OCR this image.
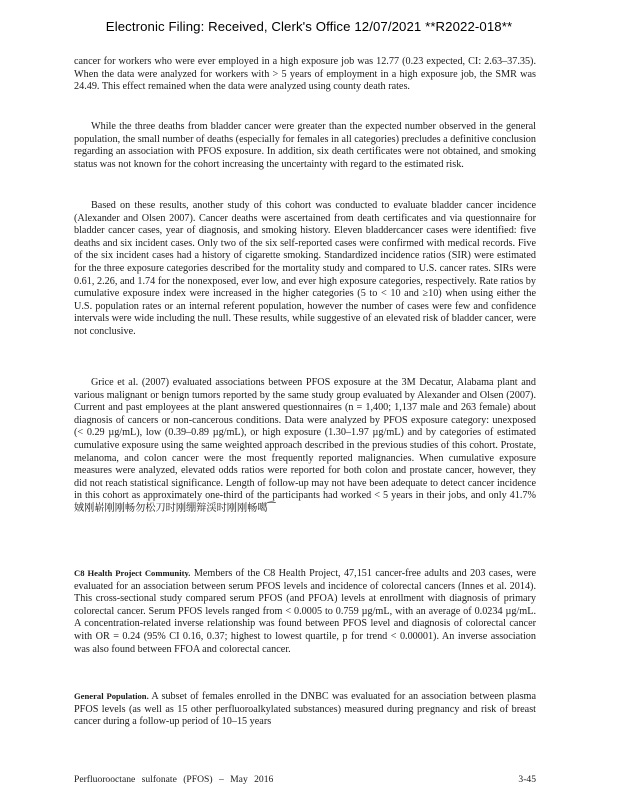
Electronic Filing: Received, Clerk's Office 12/07/2021 **R2022-018**

cancer for workers who were ever employed in a high exposure job was 12.77 (0.23 expected, CI: 2.63–37.35). When the data were analyzed for workers with > 5 years of employment in a high exposure job, the SMR was 24.49. This effect remained when the data were analyzed using county death rates.

While the three deaths from bladder cancer were greater than the expected number observed in the general population, the small number of deaths (especially for females in all categories) precludes a definitive conclusion regarding an association with PFOS exposure. In addition, six death certificates were not obtained, and smoking status was not known for the cohort increasing the uncertainty with regard to the estimated risk.

Based on these results, another study of this cohort was conducted to evaluate bladder cancer incidence (Alexander and Olsen 2007). Cancer deaths were ascertained from death certificates and via questionnaire for bladder cancer cases, year of diagnosis, and smoking history. Eleven bladdercancer cases were identified: five deaths and six incident cases. Only two of the six self-reported cases were confirmed with medical records. Five of the six incident cases had a history of cigarette smoking. Standardized incidence ratios (SIR) were estimated for the three exposure categories described for the mortality study and compared to U.S. cancer rates. SIRs were 0.61, 2.26, and 1.74 for the nonexposed, ever low, and ever high exposure categories, respectively. Rate ratios by cumulative exposure index were increased in the higher categories (5 to < 10 and ≥10) when using either the U.S. population rates or an internal referent population, however the number of cases were few and confidence intervals were wide including the null. These results, while suggestive of an elevated risk of bladder cancer, were not conclusive.

Grice et al. (2007) evaluated associations between PFOS exposure at the 3M Decatur, Alabama plant and various malignant or benign tumors reported by the same study group evaluated by Alexander and Olsen (2007). Current and past employees at the plant answered questionnaires (n = 1,400; 1,137 male and 263 female) about diagnosis of cancers or non-cancerous conditions. Data were analyzed by PFOS exposure category: unexposed (< 0.29 µg/mL), low (0.39–0.89 µg/mL), or high exposure (1.30–1.97 µg/mL) and by categories of estimated cumulative exposure using the same weighted approach described in the previous studies of this cohort. Prostate, melanoma, and colon cancer were the most frequently reported malignancies. When cumulative exposure measures were analyzed, elevated odds ratios were reported for both colon and prostate cancer, however, they did not reach statistical significance. Length of follow-up may not have been adequate to detect cancer incidence in this cohort as approximately one-third of the participants had worked < 5 years in their jobs, and only 41.7% 娀刚崭刚刚畅勿松刀时刚绷辩渓时刚刚畅噶⁀

C8 Health Project Community. Members of the C8 Health Project, 47,151 cancer-free adults and 203 cases, were evaluated for an association between serum PFOS levels and incidence of colorectal cancers (Innes et al. 2014). This cross-sectional study compared serum PFOS (and PFOA) levels at enrollment with diagnosis of primary colorectal cancer. Serum PFOS levels ranged from < 0.0005 to 0.759 µg/mL, with an average of 0.0234 µg/mL. A concentration-related inverse relationship was found between PFOS level and diagnosis of colorectal cancer with OR = 0.24 (95% CI 0.16, 0.37; highest to lowest quartile, p for trend < 0.00001). An inverse association was also found between FFOA and colorectal cancer.

General Population. A subset of females enrolled in the DNBC was evaluated for an association between plasma PFOS levels (as well as 15 other perfluoroalkylated substances) measured during pregnancy and risk of breast cancer during a follow-up period of 10–15 years

Perfluorooctane sulfonate (PFOS) – May 2016	3-45
